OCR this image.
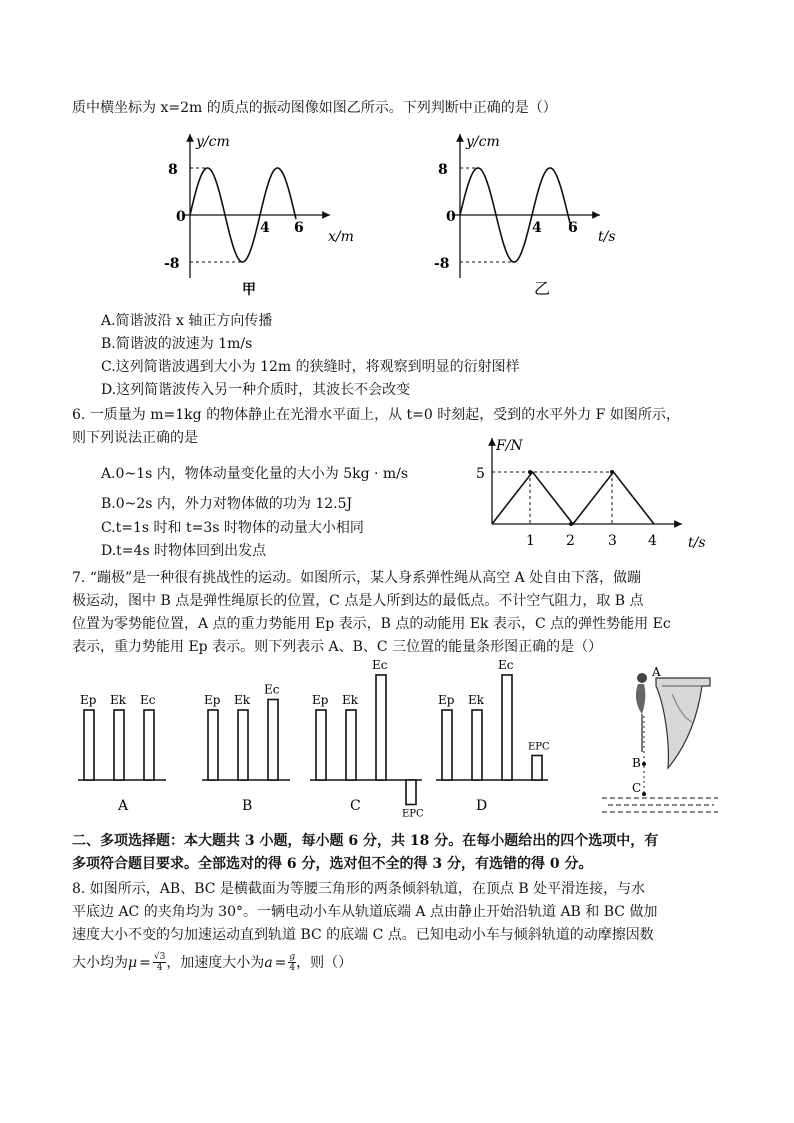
质中横坐标为 x=2m 的质点的振动图像如图乙所示。下列判断中正确的是（）
y/cm
8
0
-8
4 6
x/m
甲
y/cm
8
0
-8
4 6
t/s
乙
A.简谐波沿 x 轴正方向传播
B.简谐波的波速为 1m/s
C.这列简谐波遇到大小为 12m 的狭缝时，将观察到明显的衍射图样
D.这列简谐波传入另一种介质时，其波长不会改变
6. 一质量为 m=1kg 的物体静止在光滑水平面上，从 t=0 时刻起，受到的水平外力 F 如图所示，
则下列说法正确的是
A.0~1s 内，物体动量变化量的大小为 5kg · m/s
B.0~2s 内，外力对物体做的功为 12.5J
C.t=1s 时和 t=3s 时物体的动量大小相同
D.t=4s 时物体回到出发点
F/N
5
1 2 3 4 t/s
7. “蹦极”是一种很有挑战性的运动。如图所示，某人身系弹性绳从高空 A 处自由下落，做蹦
极运动，图中 B 点是弹性绳原长的位置，C 点是人所到达的最低点。不计空气阻力，取 B 点
位置为零势能位置，A 点的重力势能用 Ep 表示，B 点的动能用 Ek 表示，C 点的弹性势能用 Ec
表示，重力势能用 Ep 表示。则下列表示 A、B、C 三位置的能量条形图正确的是（）
Ep Ek Ec
A
Ep Ek
Ec
B
Ep Ek
Ec
EPC
C
Ep Ek
Ec
EPC
D
A
B
C
二、多项选择题：本大题共 3 小题，每小题 6 分，共 18 分。在每小题给出的四个选项中，有
多项符合题目要求。全部选对的得 6 分，选对但不全的得 3 分，有选错的得 0 分。
8. 如图所示，AB、BC 是横截面为等腰三角形的两条倾斜轨道，在顶点 B 处平滑连接，与水
平底边 AC 的夹角均为 30°。一辆电动小车从轨道底端 A 点由静止开始沿轨道 AB 和 BC 做加
速度大小不变的匀加速运动直到轨道 BC 的底端 C 点。已知电动小车与倾斜轨道的动摩擦因数
大小均为 $\mu = \frac{√3}{4}$ ，加速度大小为 $a = \frac{g}{4}$ ，则（）
